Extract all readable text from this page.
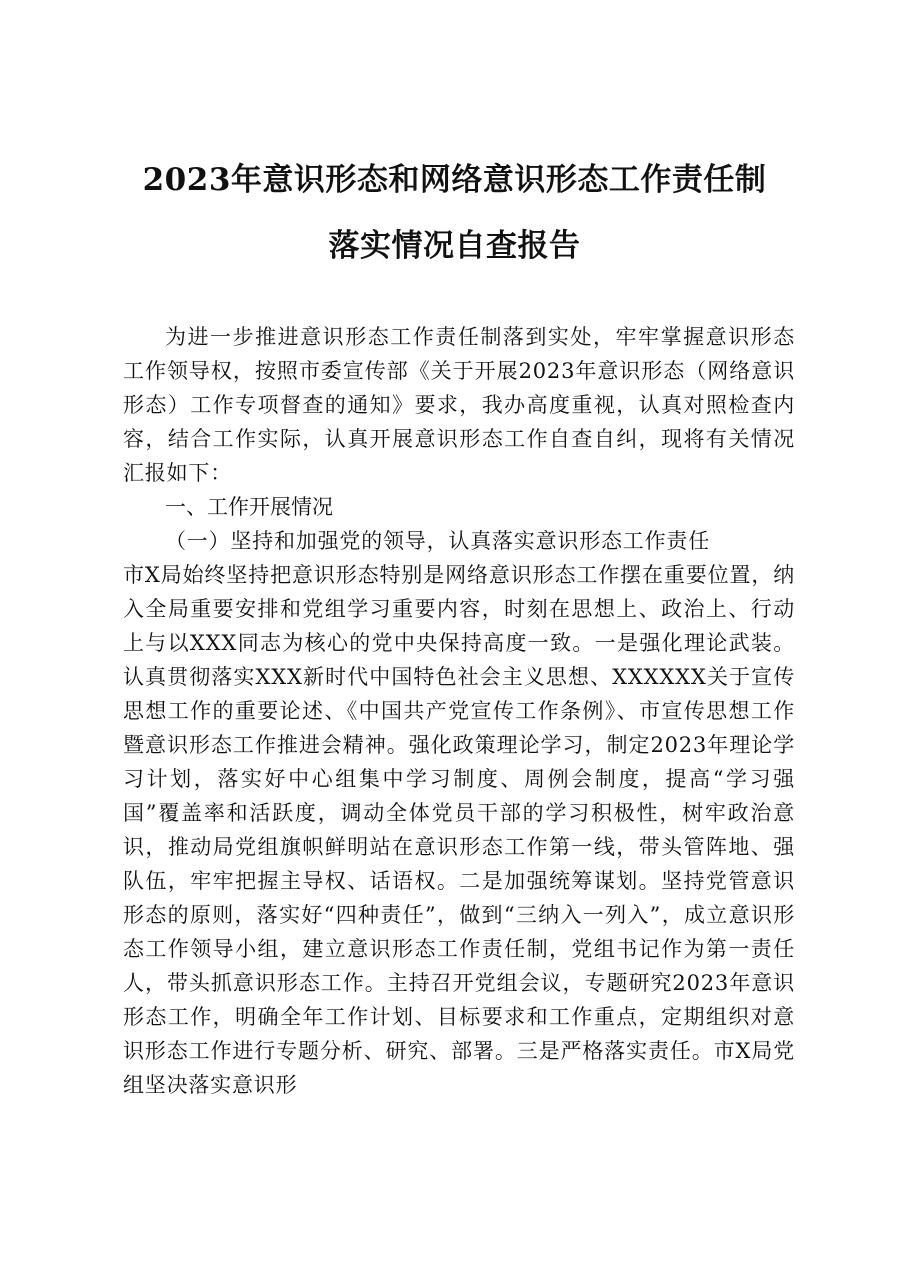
2023年意识形态和网络意识形态工作责任制
落实情况自查报告

为进一步推进意识形态工作责任制落到实处，牢牢掌握意识形态工作领导权，按照市委宣传部《关于开展2023年意识形态（网络意识形态）工作专项督查的通知》要求，我办高度重视，认真对照检查内容，结合工作实际，认真开展意识形态工作自查自纠，现将有关情况汇报如下：

一、工作开展情况

（一）坚持和加强党的领导，认真落实意识形态工作责任

市X局始终坚持把意识形态特别是网络意识形态工作摆在重要位置，纳入全局重要安排和党组学习重要内容，时刻在思想上、政治上、行动上与以XXX同志为核心的党中央保持高度一致。一是强化理论武装。认真贯彻落实XXX新时代中国特色社会主义思想、XXXXXX关于宣传思想工作的重要论述、《中国共产党宣传工作条例》、市宣传思想工作暨意识形态工作推进会精神。强化政策理论学习，制定2023年理论学习计划，落实好中心组集中学习制度、周例会制度，提高“学习强国”覆盖率和活跃度，调动全体党员干部的学习积极性，树牢政治意识，推动局党组旗帜鲜明站在意识形态工作第一线，带头管阵地、强队伍，牢牢把握主导权、话语权。二是加强统筹谋划。坚持党管意识形态的原则，落实好“四种责任”，做到“三纳入一列入”，成立意识形态工作领导小组，建立意识形态工作责任制，党组书记作为第一责任人，带头抓意识形态工作。主持召开党组会议，专题研究2023年意识形态工作，明确全年工作计划、目标要求和工作重点，定期组织对意识形态工作进行专题分析、研究、部署。三是严格落实责任。市X局党组坚决落实意识形
